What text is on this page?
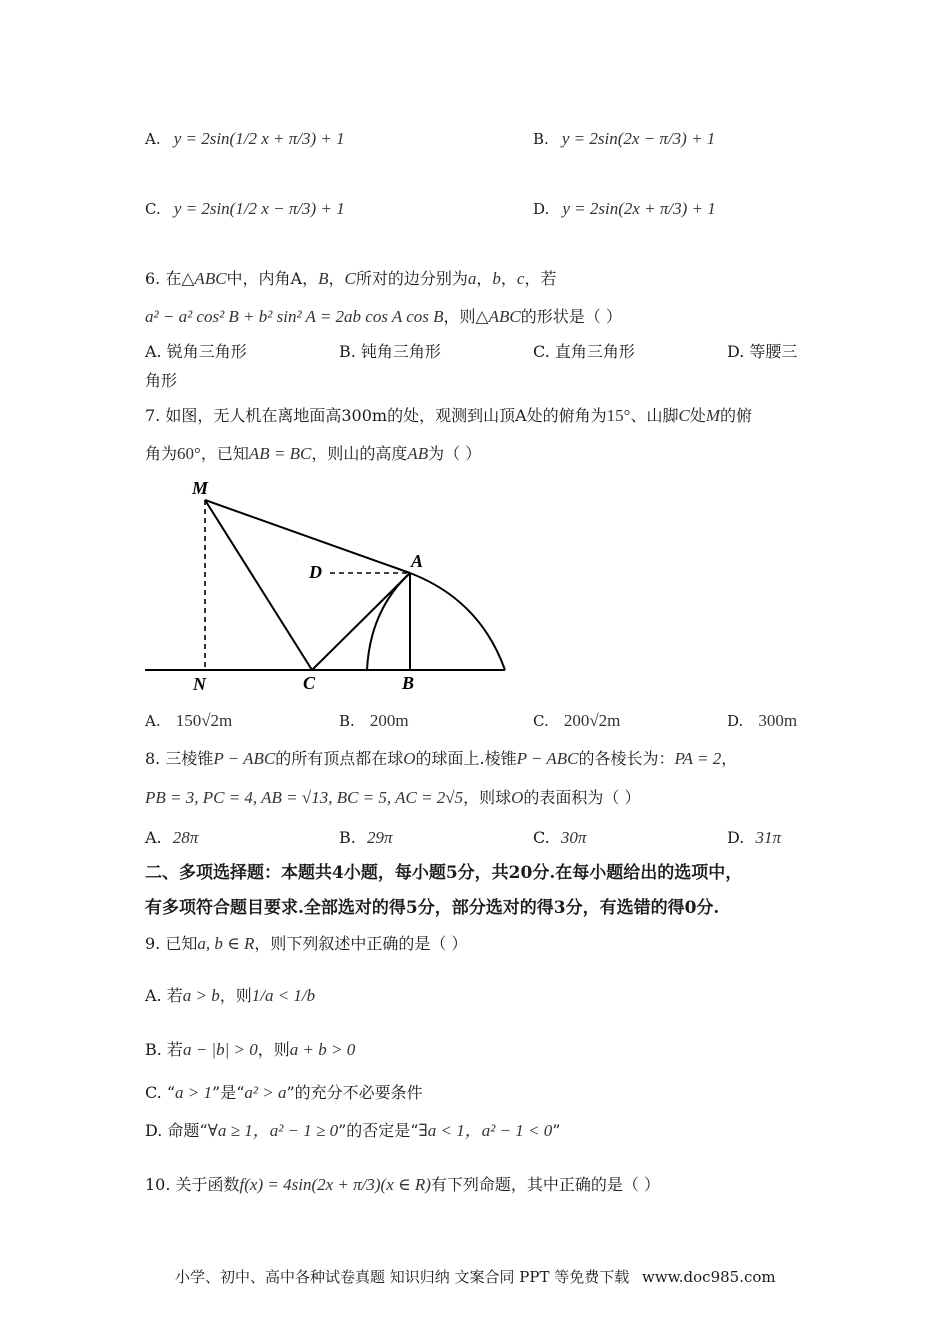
A. y = 2sin(1/2 x + π/3) + 1	B. y = 2sin(2x − π/3) + 1
C. y = 2sin(1/2 x − π/3) + 1	D. y = 2sin(2x + π/3) + 1
6. 在△ABC中，内角A，B，C所对的边分别为a，b，c，若
a² − a² cos² B + b² sin² A = 2ab cos A cos B，则△ABC的形状是（ ）
A. 锐角三角形	B. 钝角三角形	C. 直角三角形	D. 等腰三
角形
7. 如图，无人机在离地面高300m的处，观测到山顶A处的俯角为15°、山脚C处M的俯
角为60°，已知AB = BC，则山的高度AB为（ ）
M
D
A
N	C	B
A. 150√2m	B. 200m	C. 200√2m	D. 300m
8. 三棱锥P − ABC的所有顶点都在球O的球面上.棱锥P − ABC的各棱长为：PA = 2，
PB = 3, PC = 4, AB = √13, BC = 5, AC = 2√5，则球O的表面积为（ ）
A. 28π	B. 29π	C. 30π	D. 31π
二、多项选择题：本题共4小题，每小题5分，共20分.在每小题给出的选项中，
有多项符合题目要求.全部选对的得5分，部分选对的得3分，有选错的得0分.
9. 已知a, b ∈ R，则下列叙述中正确的是（ ）
A. 若a > b，则1/a < 1/b
B. 若a − |b| > 0，则a + b > 0
C. “a > 1”是“a² > a”的充分不必要条件
D. 命题“∀a ≥ 1，a² − 1 ≥ 0”的否定是“∃a < 1，a² − 1 < 0”
10. 关于函数f(x) = 4sin(2x + π/3)(x ∈ R)有下列命题，其中正确的是（ ）
小学、初中、高中各种试卷真题 知识归纳 文案合同 PPT 等免费下载 www.doc985.com
